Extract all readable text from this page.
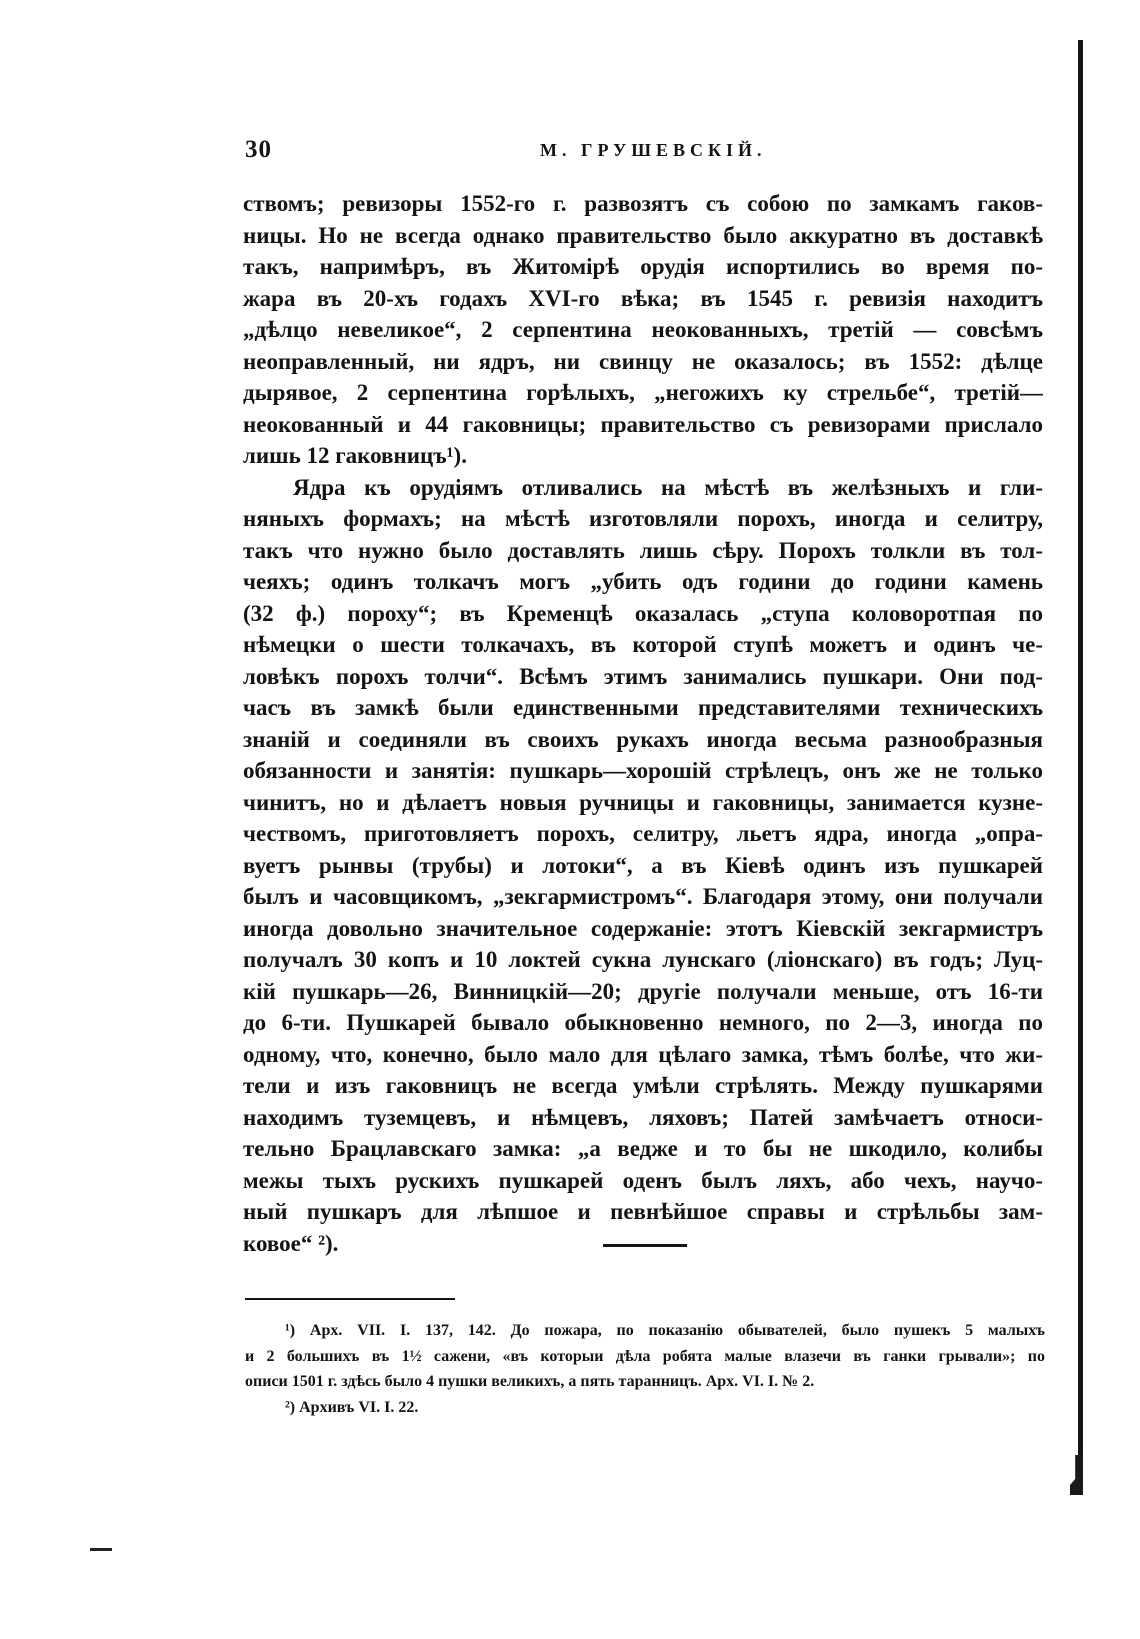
30	М. ГРУШЕВСКІЙ.
ствомъ; ревизоры 1552-го г. развозятъ съ собою по замкамъ гаков-
ницы. Но не всегда однако правительство было аккуратно въ доставкѣ
такъ, напримѣръ, въ Житомірѣ орудія испортились во время по-
жара въ 20-хъ годахъ XVI-го вѣка; въ 1545 г. ревизія находитъ
„дѣлцо невеликое“, 2 серпентина неокованныхъ, третій — совсѣмъ
неоправленный, ни ядръ, ни свинцу не оказалось; въ 1552: дѣлце
дырявое, 2 серпентина горѣлыхъ, „негожихъ ку стрельбе“, третій—
неокованный и 44 гаковницы; правительство съ ревизорами прислало
лишь 12 гаковницъ¹).
Ядра къ орудіямъ отливались на мѣстѣ въ желѣзныхъ и гли-
няныхъ формахъ; на мѣстѣ изготовляли порохъ, иногда и селитру,
такъ что нужно было доставлять лишь сѣру. Порохъ толкли въ тол-
чеяхъ; одинъ толкачъ могъ „убить одъ години до години камень
(32 ф.) пороху“; въ Кременцѣ оказалась „ступа коловоротпая по
нѣмецки о шести толкачахъ, въ которой ступѣ можетъ и одинъ че-
ловѣкъ порохъ толчи“. Всѣмъ этимъ занимались пушкари. Они под-
часъ въ замкѣ были единственными представителями техническихъ
знаній и соединяли въ своихъ рукахъ иногда весьма разнообразныя
обязанности и занятія: пушкарь—хорошій стрѣлецъ, онъ же не только
чинитъ, но и дѣлаетъ новыя ручницы и гаковницы, занимается кузне-
чествомъ, приготовляетъ порохъ, селитру, льетъ ядра, иногда „опра-
вуетъ рынвы (трубы) и лотоки“, а въ Кіевѣ одинъ изъ пушкарей
былъ и часовщикомъ, „зекгармистромъ“. Благодаря этому, они получали
иногда довольно значительное содержаніе: этотъ Кіевскій зекгармистръ
получалъ 30 копъ и 10 локтей сукна лунскаго (ліонскаго) въ годъ; Луц-
кій пушкарь—26, Винницкій—20; другіе получали меньше, отъ 16-ти
до 6-ти. Пушкарей бывало обыкновенно немного, по 2—3, иногда по
одному, что, конечно, было мало для цѣлаго замка, тѣмъ болѣе, что жи-
тели и изъ гаковницъ не всегда умѣли стрѣлять. Между пушкарями
находимъ туземцевъ, и нѣмцевъ, ляховъ; Патей замѣчаетъ относи-
тельно Брацлавскаго замка: „а ведже и то бы не шкодило, колибы
межы тыхъ рускихъ пушкарей оденъ былъ ляхъ, або чехъ, научо-
ный пушкаръ для лѣпшое и певнѣйшое справы и стрѣльбы зам-
ковое“ ²).
¹) Арх. VII. I. 137, 142. До пожара, по показанію обывателей, было пушекъ 5 малыхъ
и 2 большихъ въ 1½ сажени, «въ которыи дѣла робята малые влазечи въ ганки грывали»; по
описи 1501 г. здѣсь было 4 пушки великихъ, а пять таранницъ. Арх. VI. I. № 2.
²) Архивъ VI. I. 22.
